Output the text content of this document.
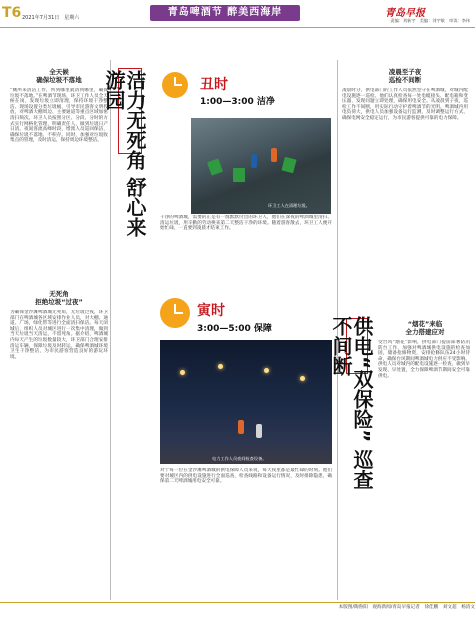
T6 2021年7月31日　星期六	青岛啤酒节 醉美西海岸	青岛早报
责编：刘新宇　美编：刘宇敏　审读：李伟
全天候
确保垃圾不落地
“厕所来清洁工作，所到哪里就清到哪里，确保垃圾不落地。”在啤酒节现场，环卫工作人员全天候在岗，发现垃圾立即清理，保持环境干净整洁。现场设置分类垃圾桶，引导市民游客文明投放，对啤酒大棚周边、主要通道等重点区域加密清扫频次。环卫人员按照分区、分段、分时的方式实行网格化管理，明确责任人，做到垃圾日产日清。夜间客流高峰时段，增派人员巡回保洁，确保垃圾不落地、不积存。同时，加强对垃圾收集点的管理，及时清运，保持周边环境整洁。
无死角
拒绝垃圾“过夜”
为确保金沙滩啤酒城无死角，无垃圾过夜，环卫部门在啤酒城各区域安排作业人员，对大棚、通道、广场、绿化带等进行全面清扫保洁。每天闭城后，组织人员对城区进行一次集中清理，做到当天垃圾当天清运，不留死角。据介绍，啤酒城内每天产生的垃圾数量较大，环卫部门合理安排清运车辆，保障垃圾及时转运，确保啤酒城环境卫生干净整洁，为市民游客营造良好的游玩环境。
洁力无死角 舒心来游园	丑时
1:00—3:00 洁净
环卫工人在清理垃圾。
干净的啤酒城，需要的正是有一群默默付出的环卫人，他们在深夜的啤酒城里清扫、清运垃圾，用辛勤的劳动换来第二天整洁干净的环境。随着游客散去，环卫工人便开始忙碌，一直要到凌晨才结束工作。
寅时
3:00—5:00 保障
电力工作人员夜间检查设备。
对于每一位在金沙滩啤酒城的供电保障人员来说，每天夜里都是最忙碌的时刻。他们要对城区内的供电设施进行全面巡查，检查线路和设备运行情况，及时排除隐患，确保第二天啤酒城用电安全可靠。
凌晨至子夜
巡检不间断
凌晨时分，供电部门的工作人员依然坚守在啤酒城，对城内配电设施逐一巡检。他们认真检查每一处电缆接头、配电箱和变压器，发现问题立即处理，确保用电安全。从凌晨到子夜，巡检工作不间断，用实际行动守护着啤酒节的光明。啤酒城内用电负荷大，供电人员加强设备运行监测，及时调整运行方式，确保电网安全稳定运行，为市民游客提供可靠的电力保障。
供电“双保险” 巡查不间断	“烟花”来临
全力搭建应对
受台风“烟花”影响，供电部门提前部署防汛防台工作，加强对啤酒城供电设施的检查加固，储备抢修物资，安排抢修队伍24小时待命，确保台风期间啤酒城电力供应不受影响。供电人员对城内的配电设施逐一检查，做到早发现、早处置，全力保障啤酒节期间安全可靠供电。
本版图/陶鲁阳　观海新闻/青岛早报记者　徐佳鹏　刘文超　杨清文
